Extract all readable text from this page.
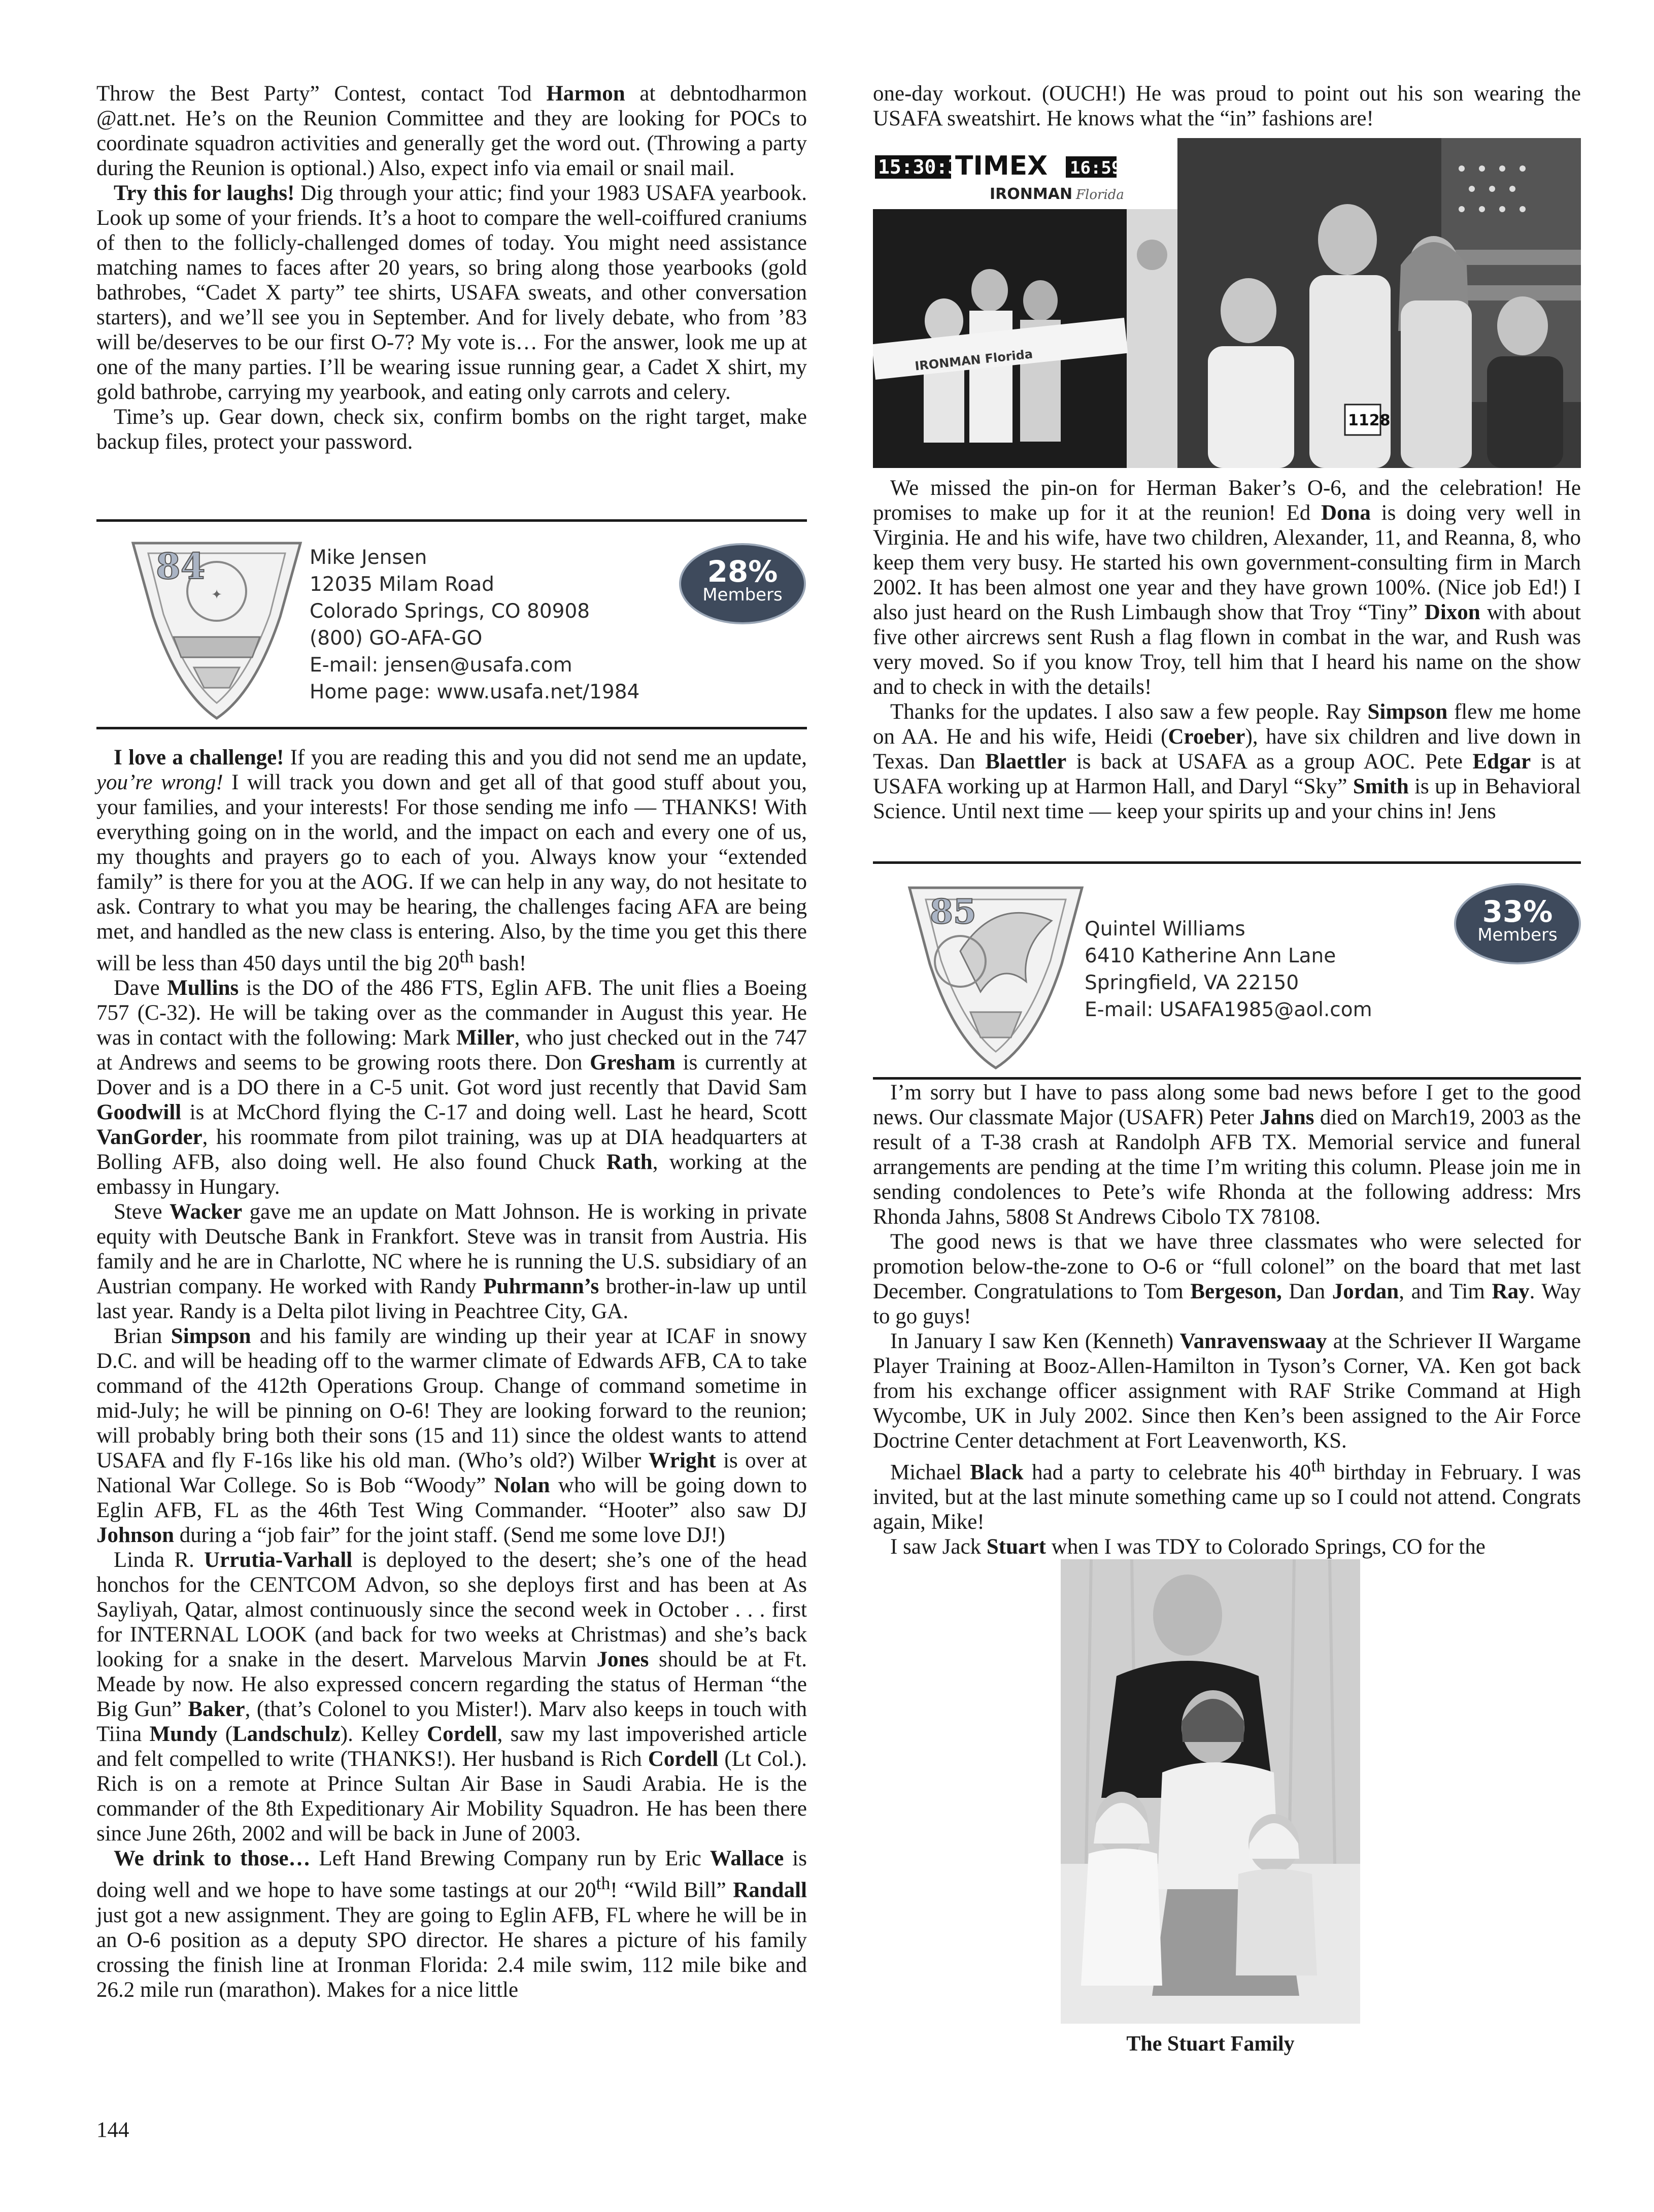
Throw the Best Party” Contest, contact Tod Harmon at debntodharmon @att.net. He’s on the Reunion Committee and they are looking for POCs to coordinate squadron activities and generally get the word out. (Throwing a party during the Reunion is optional.) Also, expect info via email or snail mail.

Try this for laughs! Dig through your attic; find your 1983 USAFA yearbook. Look up some of your friends. It’s a hoot to compare the well-coiffured craniums of then to the follicly-challenged domes of today. You might need assistance matching names to faces after 20 years, so bring along those yearbooks (gold bathrobes, “Cadet X party” tee shirts, USAFA sweats, and other conversation starters), and we’ll see you in September. And for lively debate, who from ’83 will be/deserves to be our first O-7? My vote is… For the answer, look me up at one of the many parties. I’ll be wearing issue running gear, a Cadet X shirt, my gold bathrobe, carrying my yearbook, and eating only carrots and celery.

Time’s up. Gear down, check six, confirm bombs on the right target, make backup files, protect your password.

84
✦
Mike Jensen
12035 Milam Road
Colorado Springs, CO 80908
(800) GO-AFA-GO
E-mail: jensen@usafa.com
Home page: www.usafa.net/1984
28%
Members

I love a challenge! If you are reading this and you did not send me an update, you’re wrong! I will track you down and get all of that good stuff about you, your families, and your interests! For those sending me info — THANKS! With everything going on in the world, and the impact on each and every one of us, my thoughts and prayers go to each of you. Always know your “extended family” is there for you at the AOG. If we can help in any way, do not hesitate to ask. Contrary to what you may be hearing, the challenges facing AFA are being met, and handled as the new class is entering. Also, by the time you get this there will be less than 450 days until the big 20th bash!

Dave Mullins is the DO of the 486 FTS, Eglin AFB. The unit flies a Boeing 757 (C-32). He will be taking over as the commander in August this year. He was in contact with the following: Mark Miller, who just checked out in the 747 at Andrews and seems to be growing roots there. Don Gresham is currently at Dover and is a DO there in a C-5 unit. Got word just recently that David Sam Goodwill is at McChord flying the C-17 and doing well. Last he heard, Scott VanGorder, his roommate from pilot training, was up at DIA headquarters at Bolling AFB, also doing well. He also found Chuck Rath, working at the embassy in Hungary.

Steve Wacker gave me an update on Matt Johnson. He is working in private equity with Deutsche Bank in Frankfort. Steve was in transit from Austria. His family and he are in Charlotte, NC where he is running the U.S. subsidiary of an Austrian company. He worked with Randy Puhrmann’s brother-in-law up until last year. Randy is a Delta pilot living in Peachtree City, GA.

Brian Simpson and his family are winding up their year at ICAF in snowy D.C. and will be heading off to the warmer climate of Edwards AFB, CA to take command of the 412th Operations Group. Change of command sometime in mid-July; he will be pinning on O-6! They are looking forward to the reunion; will probably bring both their sons (15 and 11) since the oldest wants to attend USAFA and fly F-16s like his old man. (Who’s old?) Wilber Wright is over at National War College. So is Bob “Woody” Nolan who will be going down to Eglin AFB, FL as the 46th Test Wing Commander. “Hooter” also saw DJ Johnson during a “job fair” for the joint staff. (Send me some love DJ!)

Linda R. Urrutia-Varhall is deployed to the desert; she’s one of the head honchos for the CENTCOM Advon, so she deploys first and has been at As Sayliyah, Qatar, almost continuously since the second week in October . . . first for INTERNAL LOOK (and back for two weeks at Christmas) and she’s back looking for a snake in the desert. Marvelous Marvin Jones should be at Ft. Meade by now. He also expressed concern regarding the status of Herman “the Big Gun” Baker, (that’s Colonel to you Mister!). Marv also keeps in touch with Tiina Mundy (Landschulz). Kelley Cordell, saw my last impoverished article and felt compelled to write (THANKS!). Her husband is Rich Cordell (Lt Col.). Rich is on a remote at Prince Sultan Air Base in Saudi Arabia. He is the commander of the 8th Expeditionary Air Mobility Squadron. He has been there since June 26th, 2002 and will be back in June of 2003.

We drink to those… Left Hand Brewing Company run by Eric Wallace is doing well and we hope to have some tastings at our 20th! “Wild Bill” Randall just got a new assignment. They are going to Eglin AFB, FL where he will be in an O-6 position as a deputy SPO director. He shares a picture of his family crossing the finish line at Ironman Florida: 2.4 mile swim, 112 mile bike and 26.2 mile run (marathon). Makes for a nice little

one-day workout. (OUCH!) He was proud to point out his son wearing the USAFA sweatshirt. He knows what the “in” fashions are!

15:30:38
TIMEX 16:59
IRONMAN Florida
IRONMAN Florida
1128

We missed the pin-on for Herman Baker’s O-6, and the celebration! He promises to make up for it at the reunion! Ed Dona is doing very well in Virginia. He and his wife, have two children, Alexander, 11, and Reanna, 8, who keep them very busy. He started his own government-consulting firm in March 2002. It has been almost one year and they have grown 100%. (Nice job Ed!) I also just heard on the Rush Limbaugh show that Troy “Tiny” Dixon with about five other aircrews sent Rush a flag flown in combat in the war, and Rush was very moved. So if you know Troy, tell him that I heard his name on the show and to check in with the details!

Thanks for the updates. I also saw a few people. Ray Simpson flew me home on AA. He and his wife, Heidi (Croeber), have six children and live down in Texas. Dan Blaettler is back at USAFA as a group AOC. Pete Edgar is at USAFA working up at Harmon Hall, and Daryl “Sky” Smith is up in Behavioral Science. Until next time — keep your spirits up and your chins in! Jens

85	Quintel Williams
6410 Katherine Ann Lane
Springfield, VA 22150
E-mail: USAFA1985@aol.com
33%
Members

I’m sorry but I have to pass along some bad news before I get to the good news. Our classmate Major (USAFR) Peter Jahns died on March19, 2003 as the result of a T-38 crash at Randolph AFB TX. Memorial service and funeral arrangements are pending at the time I’m writing this column. Please join me in sending condolences to Pete’s wife Rhonda at the following address: Mrs Rhonda Jahns, 5808 St Andrews Cibolo TX 78108.

The good news is that we have three classmates who were selected for promotion below-the-zone to O-6 or “full colonel” on the board that met last December. Congratulations to Tom Bergeson, Dan Jordan, and Tim Ray. Way to go guys!

In January I saw Ken (Kenneth) Vanravenswaay at the Schriever II Wargame Player Training at Booz-Allen-Hamilton in Tyson’s Corner, VA. Ken got back from his exchange officer assignment with RAF Strike Command at High Wycombe, UK in July 2002. Since then Ken’s been assigned to the Air Force Doctrine Center detachment at Fort Leavenworth, KS.

Michael Black had a party to celebrate his 40th birthday in February. I was invited, but at the last minute something came up so I could not attend. Congrats again, Mike!

I saw Jack Stuart when I was TDY to Colorado Springs, CO for the

The Stuart Family
144
